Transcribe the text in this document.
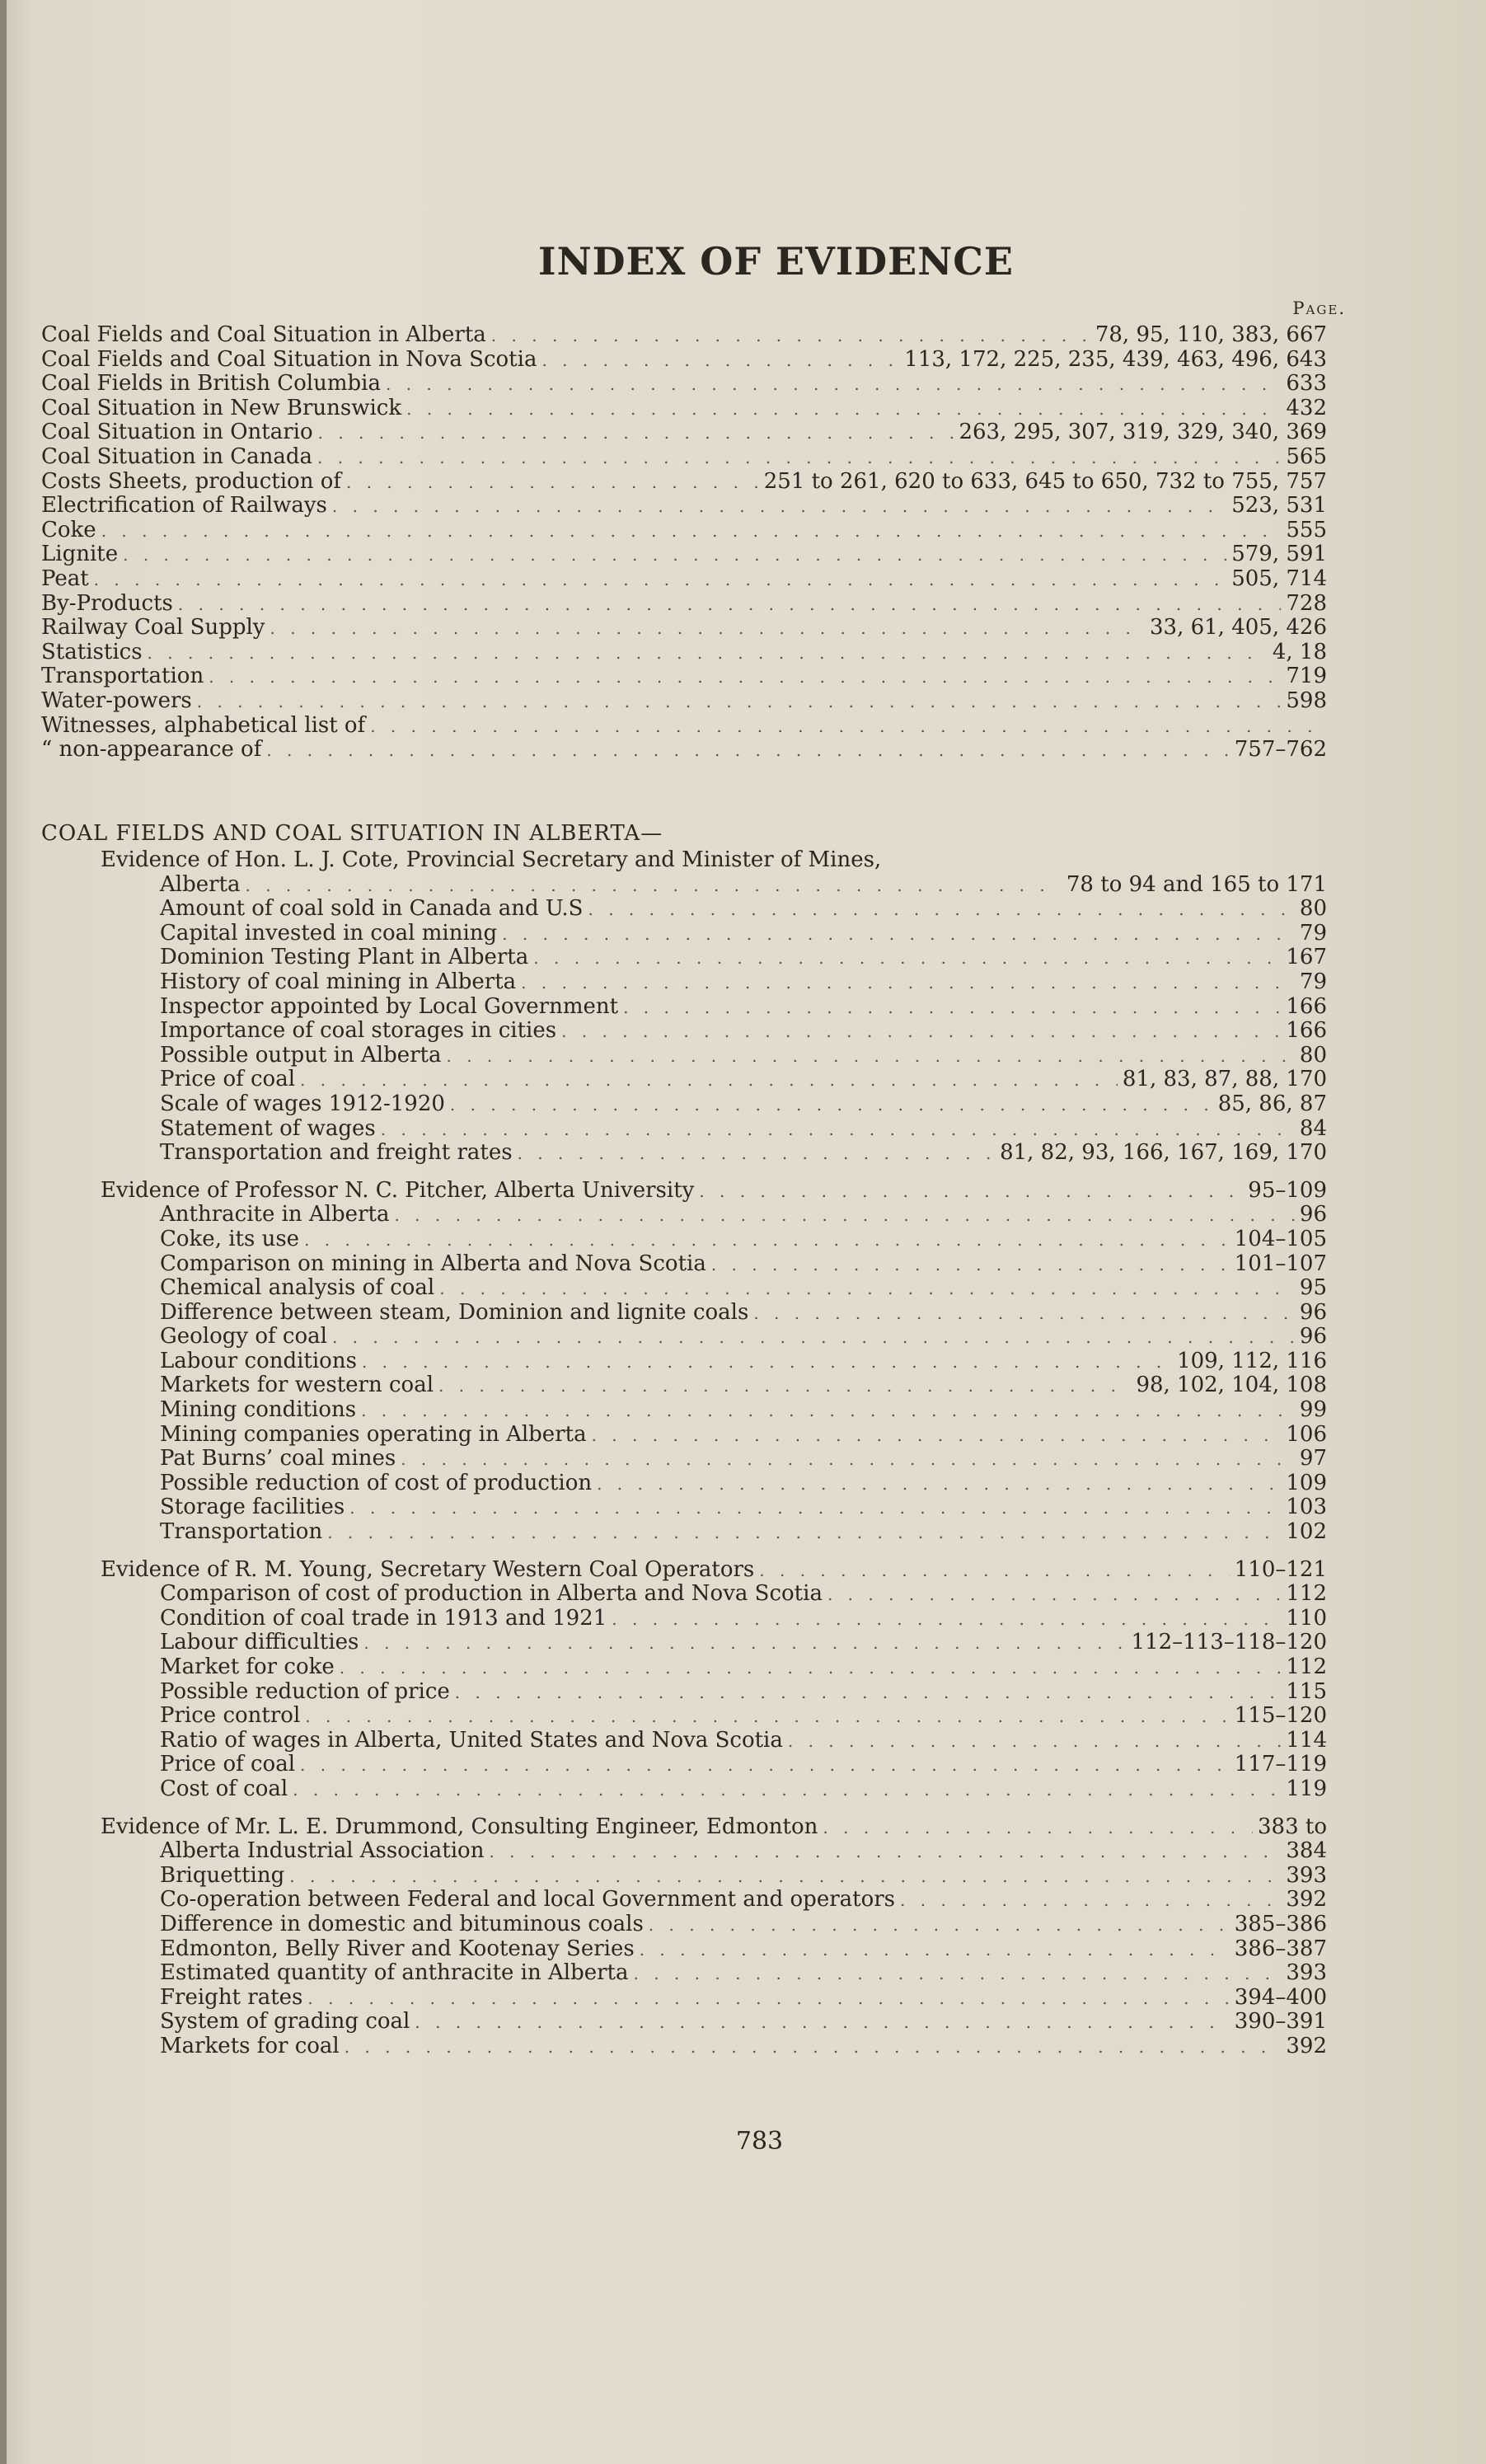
INDEX OF EVIDENCE
Page.
Coal Fields and Coal Situation in Alberta . . .	78, 95, 110, 383, 667
Coal Fields and Coal Situation in Nova Scotia . . .	113, 172, 225, 235, 439, 463, 496, 643
Coal Fields in British Columbia . . .	633
Coal Situation in New Brunswick . . .	432
Coal Situation in Ontario . . .	263, 295, 307, 319, 329, 340, 369
Coal Situation in Canada . . .	565
Costs Sheets, production of . . .	251 to 261, 620 to 633, 645 to 650, 732 to 755, 757
Electrification of Railways . . .	523, 531
Coke . . .	555
Lignite . . .	579, 591
Peat . . .	505, 714
By-Products . . .	728
Railway Coal Supply . . .	33, 61, 405, 426
Statistics . . .	4, 18
Transportation . . .	719
Water-powers . . .	598
Witnesses, alphabetical list of
. . .
“ non-appearance of . . .	757–762
COAL FIELDS AND COAL SITUATION IN ALBERTA—
Evidence of Hon. L. J. Cote, Provincial Secretary and Minister of Mines,
Alberta . . .	78 to 94 and 165 to 171
Amount of coal sold in Canada and U.S . . .	80
Capital invested in coal mining . . .	79
Dominion Testing Plant in Alberta . . .	167
History of coal mining in Alberta . . .	79
Inspector appointed by Local Government . . .	166
Importance of coal storages in cities . . .	166
Possible output in Alberta . . .	80
Price of coal . . .	81, 83, 87, 88, 170
Scale of wages 1912-1920 . . .	85, 86, 87
Statement of wages . . .	84
Transportation and freight rates . . .	81, 82, 93, 166, 167, 169, 170
Evidence of Professor N. C. Pitcher, Alberta University . . .	95–109
Anthracite in Alberta . . .	96
Coke, its use . . .	104–105
Comparison on mining in Alberta and Nova Scotia . . .	101–107
Chemical analysis of coal . . .	95
Difference between steam, Dominion and lignite coals . . .	96
Geology of coal . . .	96
Labour conditions . . .	109, 112, 116
Markets for western coal . . .	98, 102, 104, 108
Mining conditions . . .	99
Mining companies operating in Alberta . . .	106
Pat Burns’ coal mines . . .	97
Possible reduction of cost of production . . .	109
Storage facilities . . .	103
Transportation . . .	102
Evidence of R. M. Young, Secretary Western Coal Operators . . .	110–121
Comparison of cost of production in Alberta and Nova Scotia . . .	112
Condition of coal trade in 1913 and 1921 . . .	110
Labour difficulties . . .	112–113–118–120
Market for coke . . .	112
Possible reduction of price . . .	115
Price control . . .	115–120
Ratio of wages in Alberta, United States and Nova Scotia . . .	114
Price of coal . . .	117–119
Cost of coal . . .	119
Evidence of Mr. L. E. Drummond, Consulting Engineer, Edmonton . . .	383 to
Alberta Industrial Association . . .	384
Briquetting . . .	393
Co-operation between Federal and local Government and operators . . .	392
Difference in domestic and bituminous coals . . .	385–386
Edmonton, Belly River and Kootenay Series . . .	386–387
Estimated quantity of anthracite in Alberta . . .	393
Freight rates . . .	394–400
System of grading coal . . .	390–391
Markets for coal . . .	392
783
